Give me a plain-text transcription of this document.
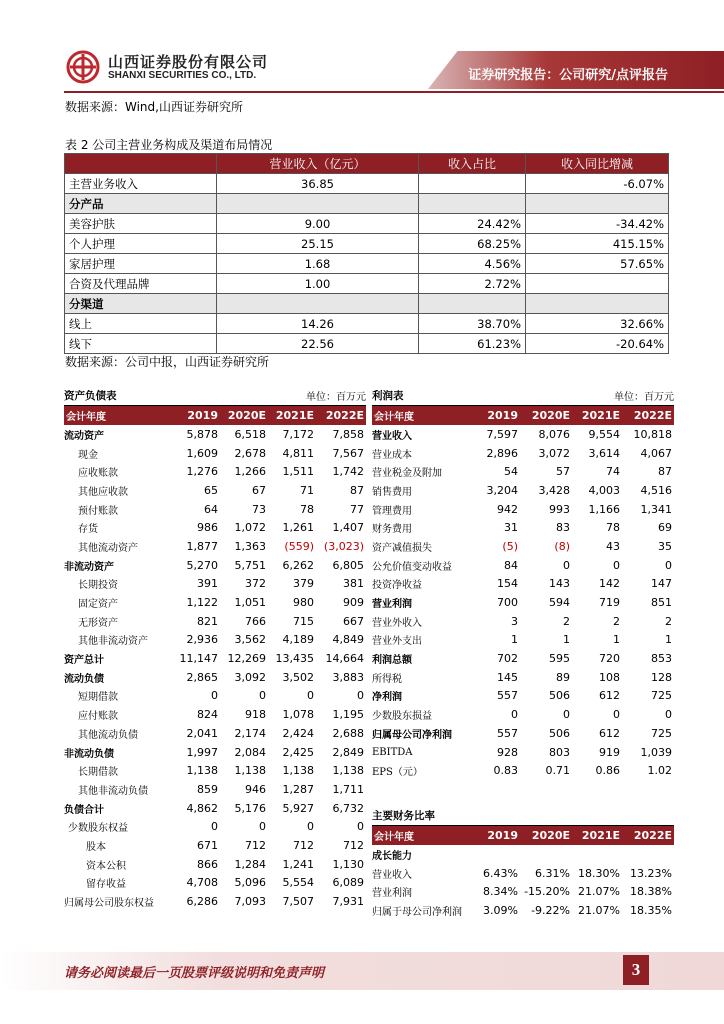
山西证券股份有限公司
SHANXI SECURITIES CO., LTD.	证券研究报告：公司研究/点评报告
数据来源：Wind,山西证券研究所
表 2 公司主营业务构成及渠道布局情况
	营业收入（亿元）	收入占比	收入同比增减
主营业务收入	36.85		-6.07%
分产品			
美容护肤	9.00	24.42%	-34.42%
个人护理	25.15	68.25%	415.15%
家居护理	1.68	4.56%	57.65%
合资及代理品牌	1.00	2.72%	
分渠道			
线上	14.26	38.70%	32.66%
线下	22.56	61.23%	-20.64%
数据来源：公司中报，山西证券研究所
资产负债表	单位：百万元
会计年度	2019	2020E	2021E	2022E
流动资产	5,878	6,518	7,172	7,858
现金	1,609	2,678	4,811	7,567
应收账款	1,276	1,266	1,511	1,742
其他应收款	65	67	71	87
预付账款	64	73	78	77
存货	986	1,072	1,261	1,407
其他流动资产	1,877	1,363	(559)	(3,023)
非流动资产	5,270	5,751	6,262	6,805
长期投资	391	372	379	381
固定资产	1,122	1,051	980	909
无形资产	821	766	715	667
其他非流动资产	2,936	3,562	4,189	4,849
资产总计	11,147	12,269	13,435	14,664
流动负债	2,865	3,092	3,502	3,883
短期借款	0	0	0	0
应付账款	824	918	1,078	1,195
其他流动负债	2,041	2,174	2,424	2,688
非流动负债	1,997	2,084	2,425	2,849
长期借款	1,138	1,138	1,138	1,138
其他非流动负债	859	946	1,287	1,711
负债合计	4,862	5,176	5,927	6,732
少数股东权益	0	0	0	0
股本	671	712	712	712
资本公积	866	1,284	1,241	1,130
留存收益	4,708	5,096	5,554	6,089
归属母公司股东权益	6,286	7,093	7,507	7,931
利润表	单位：百万元
会计年度	2019	2020E	2021E	2022E
营业收入	7,597	8,076	9,554	10,818
营业成本	2,896	3,072	3,614	4,067
营业税金及附加	54	57	74	87
销售费用	3,204	3,428	4,003	4,516
管理费用	942	993	1,166	1,341
财务费用	31	83	78	69
资产减值损失	(5)	(8)	43	35
公允价值变动收益	84	0	0	0
投资净收益	154	143	142	147
营业利润	700	594	719	851
营业外收入	3	2	2	2
营业外支出	1	1	1	1
利润总额	702	595	720	853
所得税	145	89	108	128
净利润	557	506	612	725
少数股东损益	0	0	0	0
归属母公司净利润	557	506	612	725
EBITDA	928	803	919	1,039
EPS（元）	0.83	0.71	0.86	1.02
主要财务比率
会计年度	2019	2020E	2021E	2022E
成长能力				
营业收入	6.43%	6.31%	18.30%	13.23%
营业利润	8.34%	-15.20%	21.07%	18.38%
归属于母公司净利润	3.09%	-9.22%	21.07%	18.35%
请务必阅读最后一页股票评级说明和免责声明	3
